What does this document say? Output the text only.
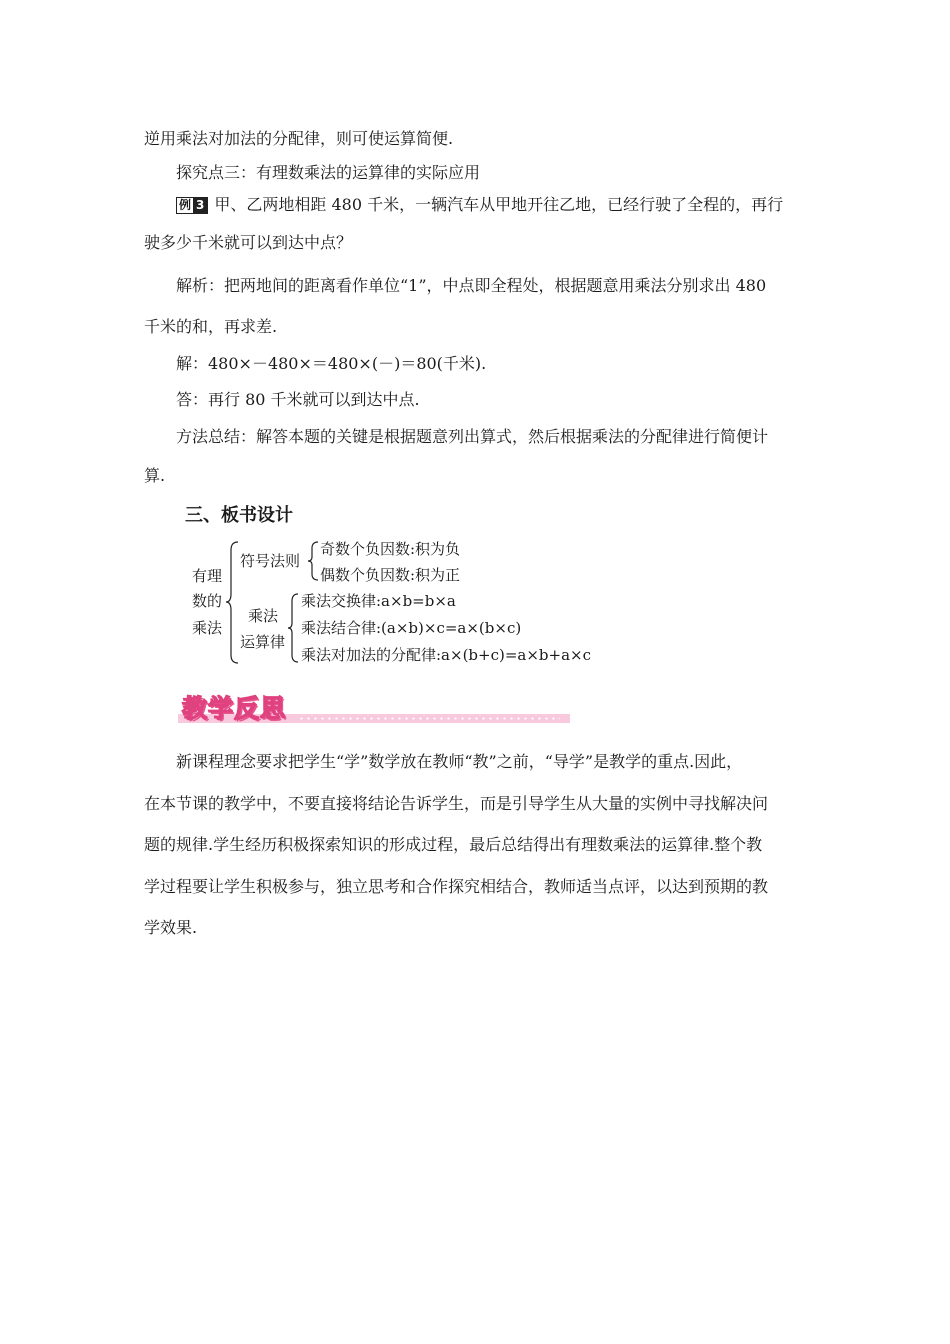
逆用乘法对加法的分配律，则可使运算简便.
探究点三：有理数乘法的运算律的实际应用
例 3 甲、乙两地相距 480 千米，一辆汽车从甲地开往乙地，已经行驶了全程的，再行
驶多少千米就可以到达中点？
解析：把两地间的距离看作单位“1”，中点即全程处，根据题意用乘法分别求出 480
千米的和，再求差.
解：480×－480×＝480×(－)＝80(千米).
答：再行 80 千米就可以到达中点.
方法总结：解答本题的关键是根据题意列出算式，然后根据乘法的分配律进行简便计
算.
三、板书设计
有理
数的
乘法
符号法则
奇数个负因数:积为负
偶数个负因数:积为正
乘法
运算律
乘法交换律:a×b=b×a
乘法结合律:(a×b)×c=a×(b×c)
乘法对加法的分配律:a×(b+c)=a×b+a×c
教学反思
新课程理念要求把学生“学”数学放在教师“教”之前，“导学”是教学的重点.因此，
在本节课的教学中，不要直接将结论告诉学生，而是引导学生从大量的实例中寻找解决问
题的规律.学生经历积极探索知识的形成过程，最后总结得出有理数乘法的运算律.整个教
学过程要让学生积极参与，独立思考和合作探究相结合，教师适当点评，以达到预期的教
学效果.
